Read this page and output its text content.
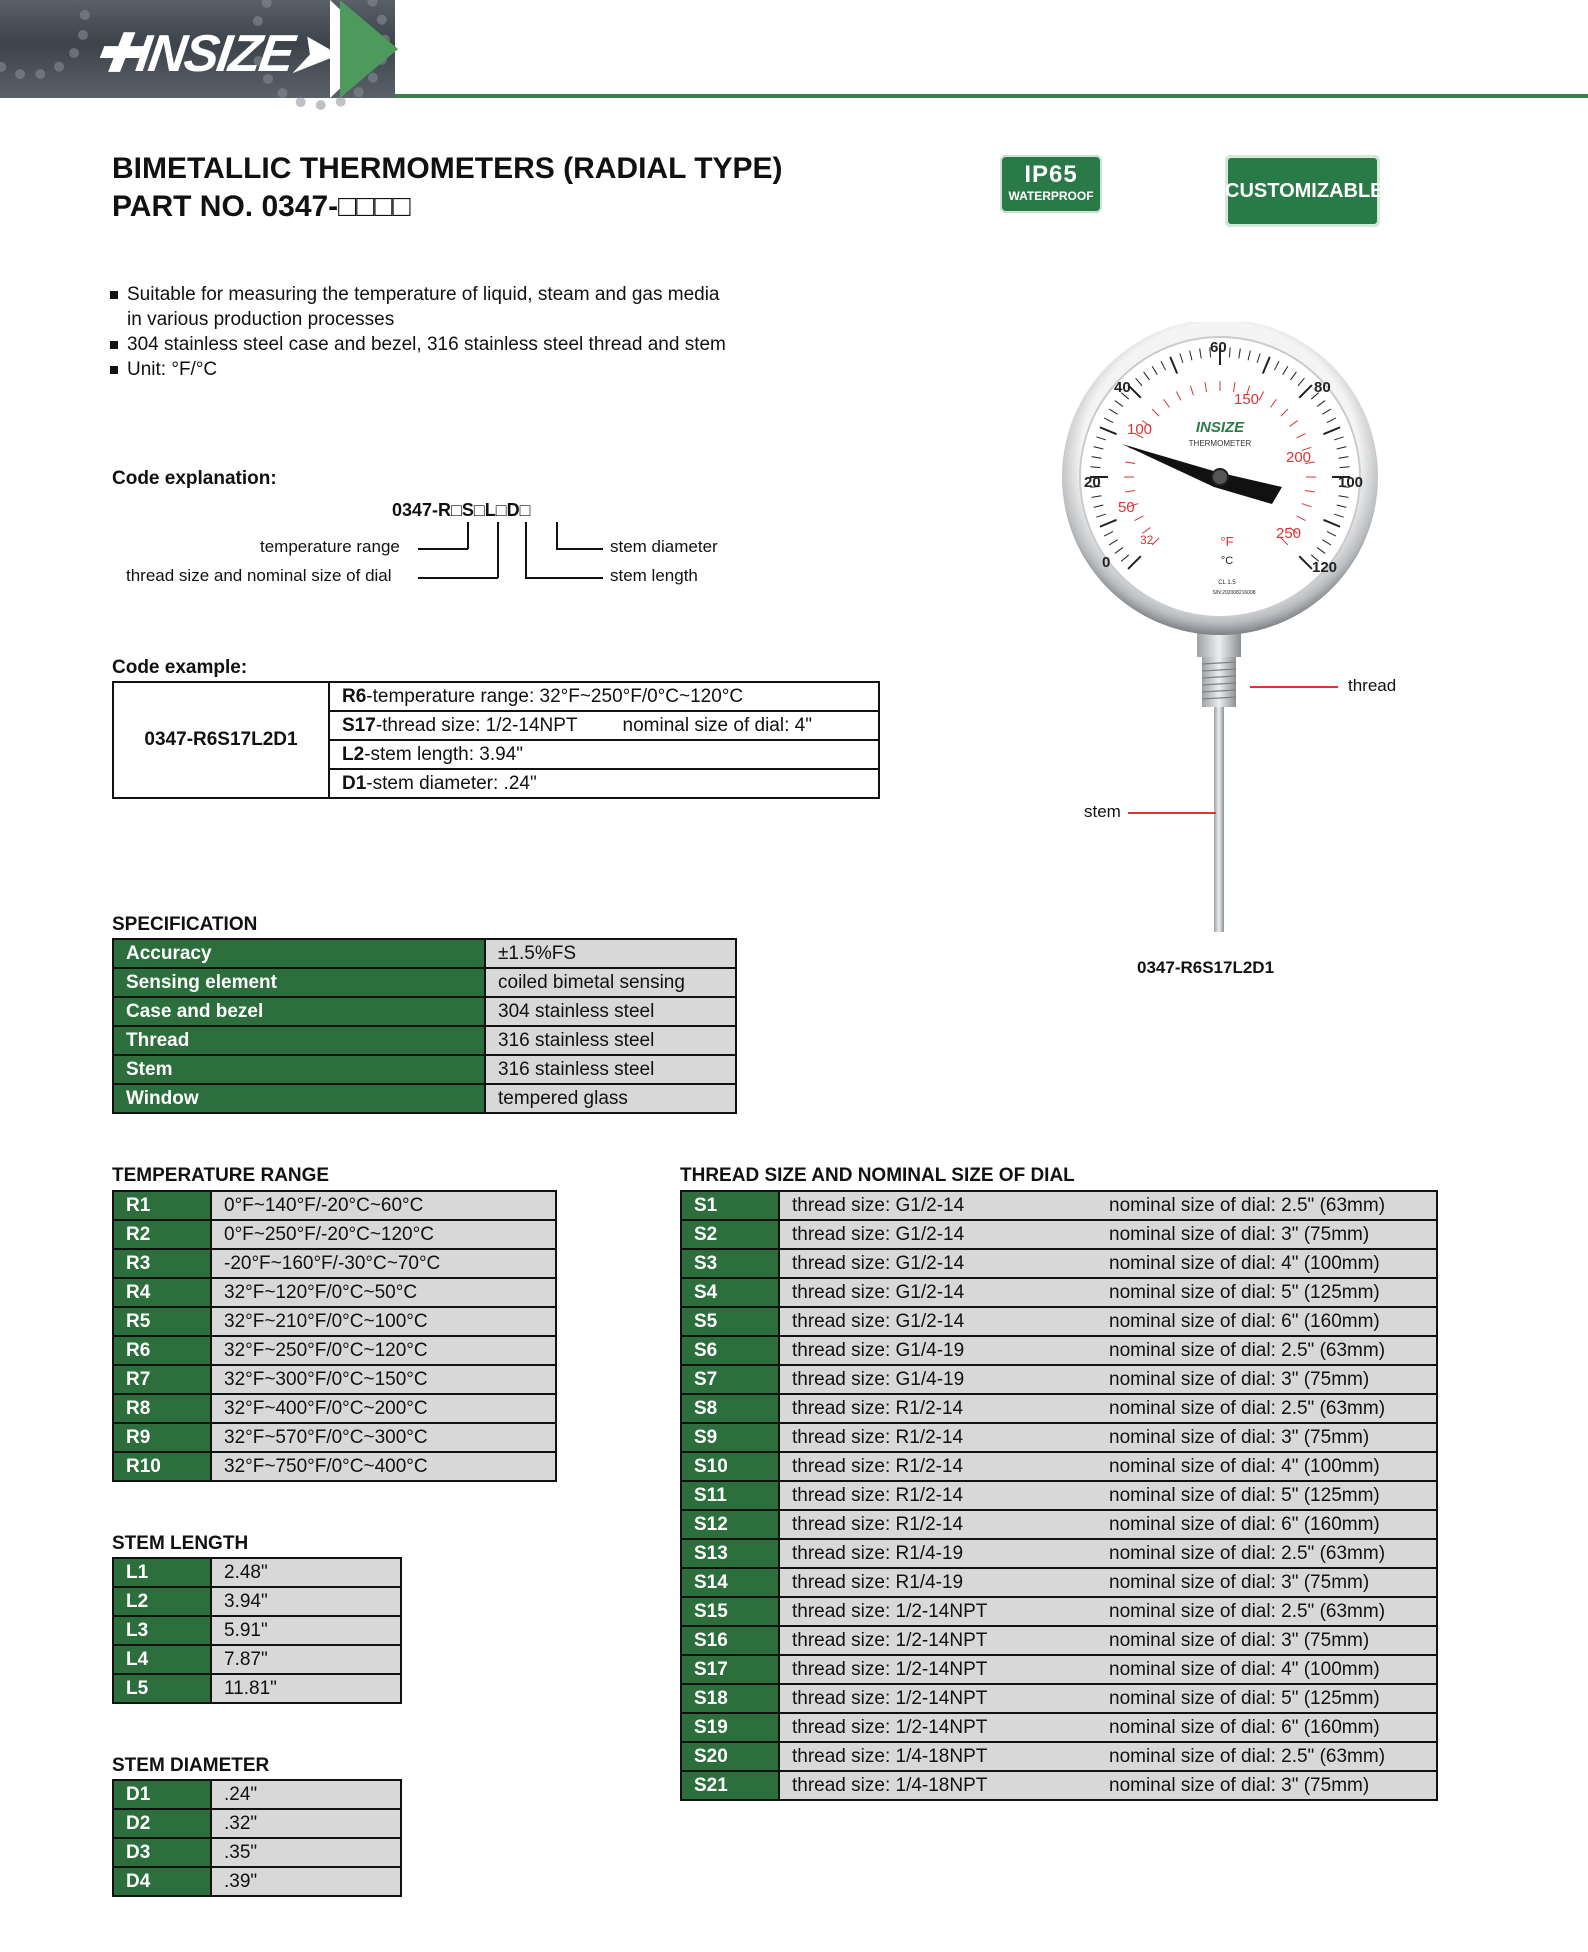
✚INSIZE➤
BIMETALLIC THERMOMETERS (RADIAL TYPE)
PART NO. 0347-□□□□
IP65
WATERPROOF	CUSTOMIZABLE
Suitable for measuring the temperature of liquid, steam and gas media
in various production processes
304 stainless steel case and bezel, 316 stainless steel thread and stem
Unit: °F/°C
Code explanation:
0347-R□S□L□D□
temperature range
thread size and nominal size of dial
stem diameter
stem length
Code example:
0347-R6S17L2D1	R6-temperature range: 32°F~250°F/0°C~120°C
S17-thread size: 1/2-14NPT nominal size of dial: 4"
L2-stem length: 3.94"
D1-stem diameter: .24"
32
50
100
150
200
250
0
20
40
60
80
100
120
INSIZE
THERMOMETER
°F
°C
CL 1.5
S/N:202008216008
thread
stem
0347-R6S17L2D1
SPECIFICATION
Accuracy	±1.5%FS
Sensing element	coiled bimetal sensing
Case and bezel	304 stainless steel
Thread	316 stainless steel
Stem	316 stainless steel
Window	tempered glass
TEMPERATURE RANGE
R1	0°F~140°F/-20°C~60°C
R2	0°F~250°F/-20°C~120°C
R3	-20°F~160°F/-30°C~70°C
R4	32°F~120°F/0°C~50°C
R5	32°F~210°F/0°C~100°C
R6	32°F~250°F/0°C~120°C
R7	32°F~300°F/0°C~150°C
R8	32°F~400°F/0°C~200°C
R9	32°F~570°F/0°C~300°C
R10	32°F~750°F/0°C~400°C
STEM LENGTH
L1	2.48"
L2	3.94"
L3	5.91"
L4	7.87"
L5	11.81"
STEM DIAMETER
D1	.24"
D2	.32"
D3	.35"
D4	.39"
THREAD SIZE AND NOMINAL SIZE OF DIAL
S1	thread size: G1/2-14	nominal size of dial: 2.5" (63mm)
S2	thread size: G1/2-14	nominal size of dial: 3" (75mm)
S3	thread size: G1/2-14	nominal size of dial: 4" (100mm)
S4	thread size: G1/2-14	nominal size of dial: 5" (125mm)
S5	thread size: G1/2-14	nominal size of dial: 6" (160mm)
S6	thread size: G1/4-19	nominal size of dial: 2.5" (63mm)
S7	thread size: G1/4-19	nominal size of dial: 3" (75mm)
S8	thread size: R1/2-14	nominal size of dial: 2.5" (63mm)
S9	thread size: R1/2-14	nominal size of dial: 3" (75mm)
S10	thread size: R1/2-14	nominal size of dial: 4" (100mm)
S11	thread size: R1/2-14	nominal size of dial: 5" (125mm)
S12	thread size: R1/2-14	nominal size of dial: 6" (160mm)
S13	thread size: R1/4-19	nominal size of dial: 2.5" (63mm)
S14	thread size: R1/4-19	nominal size of dial: 3" (75mm)
S15	thread size: 1/2-14NPT	nominal size of dial: 2.5" (63mm)
S16	thread size: 1/2-14NPT	nominal size of dial: 3" (75mm)
S17	thread size: 1/2-14NPT	nominal size of dial: 4" (100mm)
S18	thread size: 1/2-14NPT	nominal size of dial: 5" (125mm)
S19	thread size: 1/2-14NPT	nominal size of dial: 6" (160mm)
S20	thread size: 1/4-18NPT	nominal size of dial: 2.5" (63mm)
S21	thread size: 1/4-18NPT	nominal size of dial: 3" (75mm)
